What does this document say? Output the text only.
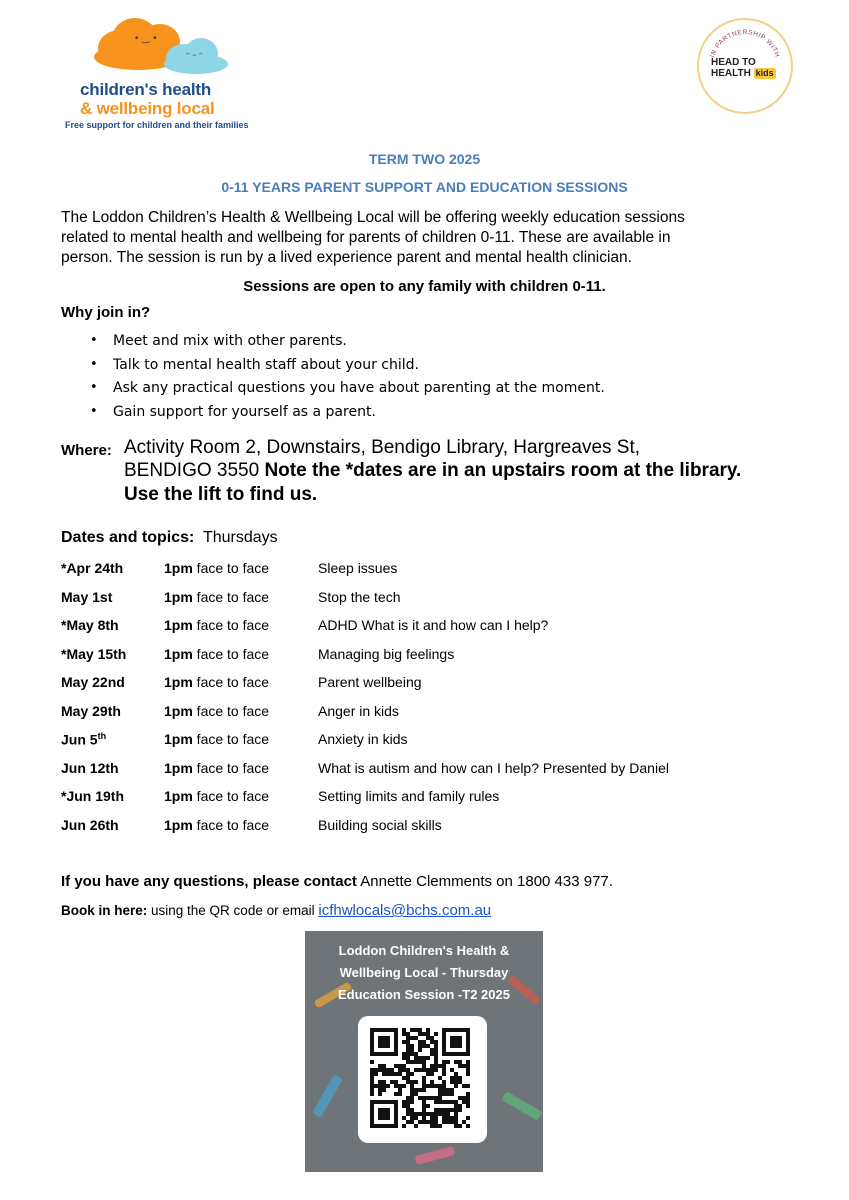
• ‿ •
ᵔ ᵕ ᵔ
children's health
& wellbeing local
Free support for children and their families
IN PARTNERSHIP WITH
HEAD TO
HEALTH kids
TERM TWO 2025
0-11 YEARS PARENT SUPPORT AND EDUCATION SESSIONS
The Loddon Children’s Health & Wellbeing Local will be offering weekly education sessions
related to mental health and wellbeing for parents of children 0-11. These are available in
person. The session is run by a lived experience parent and mental health clinician.
Sessions are open to any family with children 0-11.
Why join in?
• Meet and mix with other parents.
• Talk to mental health staff about your child.
• Ask any practical questions you have about parenting at the moment.
• Gain support for yourself as a parent.
Where: Activity Room 2, Downstairs, Bendigo Library, Hargreaves St,
BENDIGO 3550 Note the *dates are in an upstairs room at the library.
Use the lift to find us.
Dates and topics: Thursdays
*Apr 24th	1pm face to face	Sleep issues
May 1st	1pm face to face	Stop the tech
*May 8th	1pm face to face	ADHD What is it and how can I help?
*May 15th	1pm face to face	Managing big feelings
May 22nd	1pm face to face	Parent wellbeing
May 29th	1pm face to face	Anger in kids
Jun 5th	1pm face to face	Anxiety in kids
Jun 12th	1pm face to face	What is autism and how can I help? Presented by Daniel
*Jun 19th	1pm face to face	Setting limits and family rules
Jun 26th	1pm face to face	Building social skills
If you have any questions, please contact Annette Clemments on 1800 433 977.
Book in here: using the QR code or email icfhwlocals@bchs.com.au
Loddon Children's Health &
Wellbeing Local - Thursday
Education Session -T2 2025
